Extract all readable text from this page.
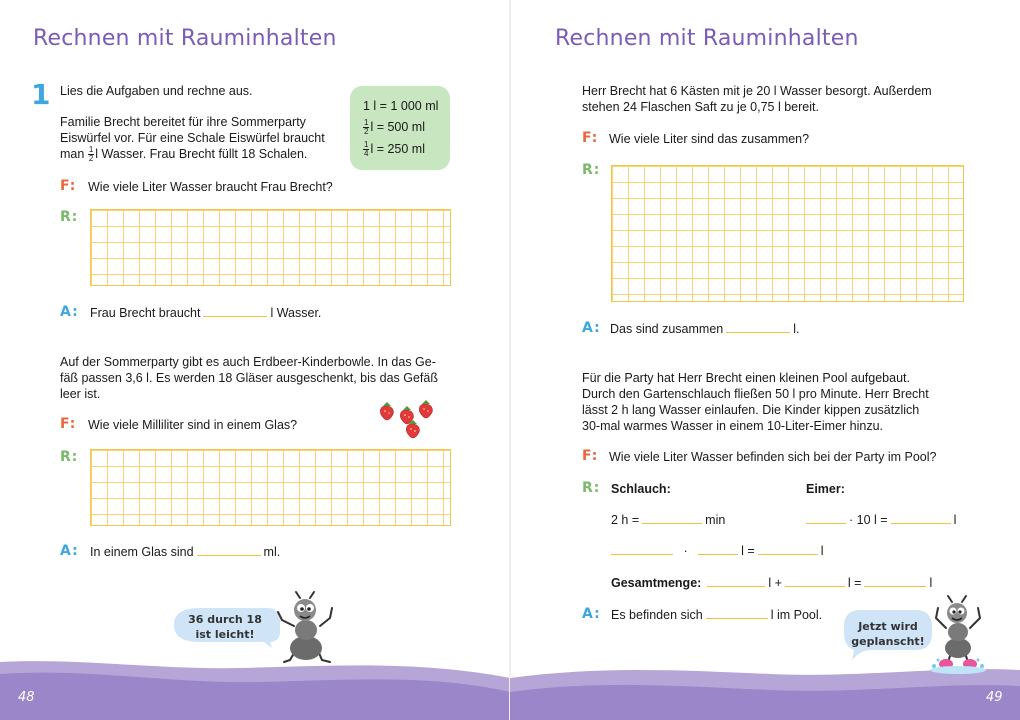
Rechnen mit Rauminhalten
1 Lies die Aufgaben und rechne aus.
Familie Brecht bereitet für ihre Sommerparty
Eiswürfel vor. Für eine Schale Eiswürfel braucht
man $\frac{1}{2}$ l Wasser. Frau Brecht füllt 18 Schalen.
1 l = 1 000 ml
$\frac{1}{2}$ l = 500 ml
$\frac{1}{4}$ l = 250 ml
F: Wie viele Liter Wasser braucht Frau Brecht?
R:
A: Frau Brecht braucht	l Wasser.
Auf der Sommerparty gibt es auch Erdbeer-Kinderbowle. In das Ge-
fäß passen 3,6 l. Es werden 18 Gläser ausgeschenkt, bis das Gefäß
leer ist.
F: Wie viele Milliliter sind in einem Glas?
R:
A: In einem Glas sind	ml.
48
36 durch 18
ist leicht!
Rechnen mit Rauminhalten
Herr Brecht hat 6 Kästen mit je 20 l Wasser besorgt. Außerdem
stehen 24 Flaschen Saft zu je 0,75 l bereit.
F: Wie viele Liter sind das zusammen?
R:
A: Das sind zusammen	l.
Für die Party hat Herr Brecht einen kleinen Pool aufgebaut.
Durch den Gartenschlauch fließen 50 l pro Minute. Herr Brecht
lässt 2 h lang Wasser einlaufen. Die Kinder kippen zusätzlich
30-mal warmes Wasser in einem 10-Liter-Eimer hinzu.
F: Wie viele Liter Wasser befinden sich bei der Party im Pool?
R: Schlauch:	Eimer:
2 h =	min	· 10 l =	l
·	l =	l
Gesamtmenge:	l +	l =	l
A: Es befinden sich	l im Pool.
49
Jetzt wird
geplanscht!
